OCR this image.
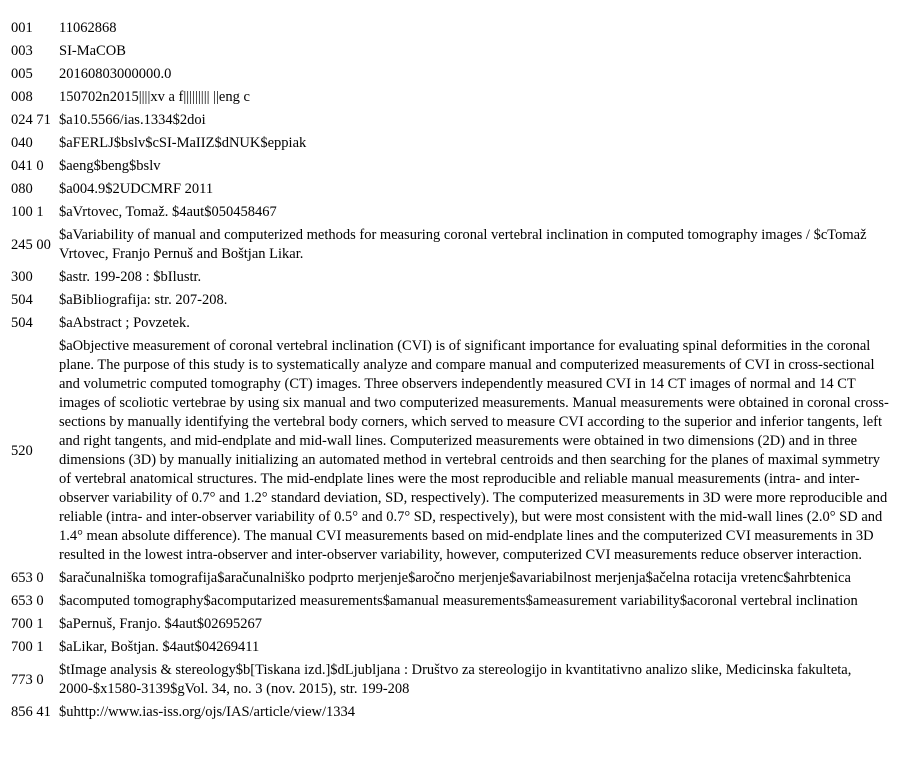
001	11062868
003	SI-MaCOB
005	20160803000000.0
008	150702n2015||||xv a f||||||||| ||eng c
024 71	$a10.5566/ias.1334$2doi
040	$aFERLJ$bslv$cSI-MaIIZ$dNUK$eppiak
041 0	$aeng$beng$bslv
080	$a004.9$2UDCMRF 2011
100 1	$aVrtovec, Tomaž. $4aut$050458467
245 00	$aVariability of manual and computerized methods for measuring coronal vertebral inclination in computed tomography images / $cTomaž Vrtovec, Franjo Pernuš and Boštjan Likar.
300	$astr. 199-208 : $bIlustr.
504	$aBibliografija: str. 207-208.
504	$aAbstract ; Povzetek.
520	$aObjective measurement of coronal vertebral inclination (CVI) is of significant importance for evaluating spinal deformities in the coronal plane. The purpose of this study is to systematically analyze and compare manual and computerized measurements of CVI in cross-sectional and volumetric computed tomography (CT) images. Three observers independently measured CVI in 14 CT images of normal and 14 CT images of scoliotic vertebrae by using six manual and two computerized measurements. Manual measurements were obtained in coronal cross-sections by manually identifying the vertebral body corners, which served to measure CVI according to the superior and inferior tangents, left and right tangents, and mid-endplate and mid-wall lines. Computerized measurements were obtained in two dimensions (2D) and in three dimensions (3D) by manually initializing an automated method in vertebral centroids and then searching for the planes of maximal symmetry of vertebral anatomical structures. The mid-endplate lines were the most reproducible and reliable manual measurements (intra- and inter-observer variability of 0.7° and 1.2° standard deviation, SD, respectively). The computerized measurements in 3D were more reproducible and reliable (intra- and inter-observer variability of 0.5° and 0.7° SD, respectively), but were most consistent with the mid-wall lines (2.0° SD and 1.4° mean absolute difference). The manual CVI measurements based on mid-endplate lines and the computerized CVI measurements in 3D resulted in the lowest intra-observer and inter-observer variability, however, computerized CVI measurements reduce observer interaction.
653 0	$aračunalniška tomografija$aračunalniško podprto merjenje$aročno merjenje$avariabilnost merjenja$ačelna rotacija vretenc$ahrbtenica
653 0	$acomputed tomography$acomputarized measurements$amanual measurements$ameasurement variability$acoronal vertebral inclination
700 1	$aPernuš, Franjo. $4aut$02695267
700 1	$aLikar, Boštjan. $4aut$04269411
773 0	$tImage analysis & stereology$b[Tiskana izd.]$dLjubljana : Društvo za stereologijo in kvantitativno analizo slike, Medicinska fakulteta, 2000-$x1580-3139$gVol. 34, no. 3 (nov. 2015), str. 199-208
856 41	$uhttp://www.ias-iss.org/ojs/IAS/article/view/1334
